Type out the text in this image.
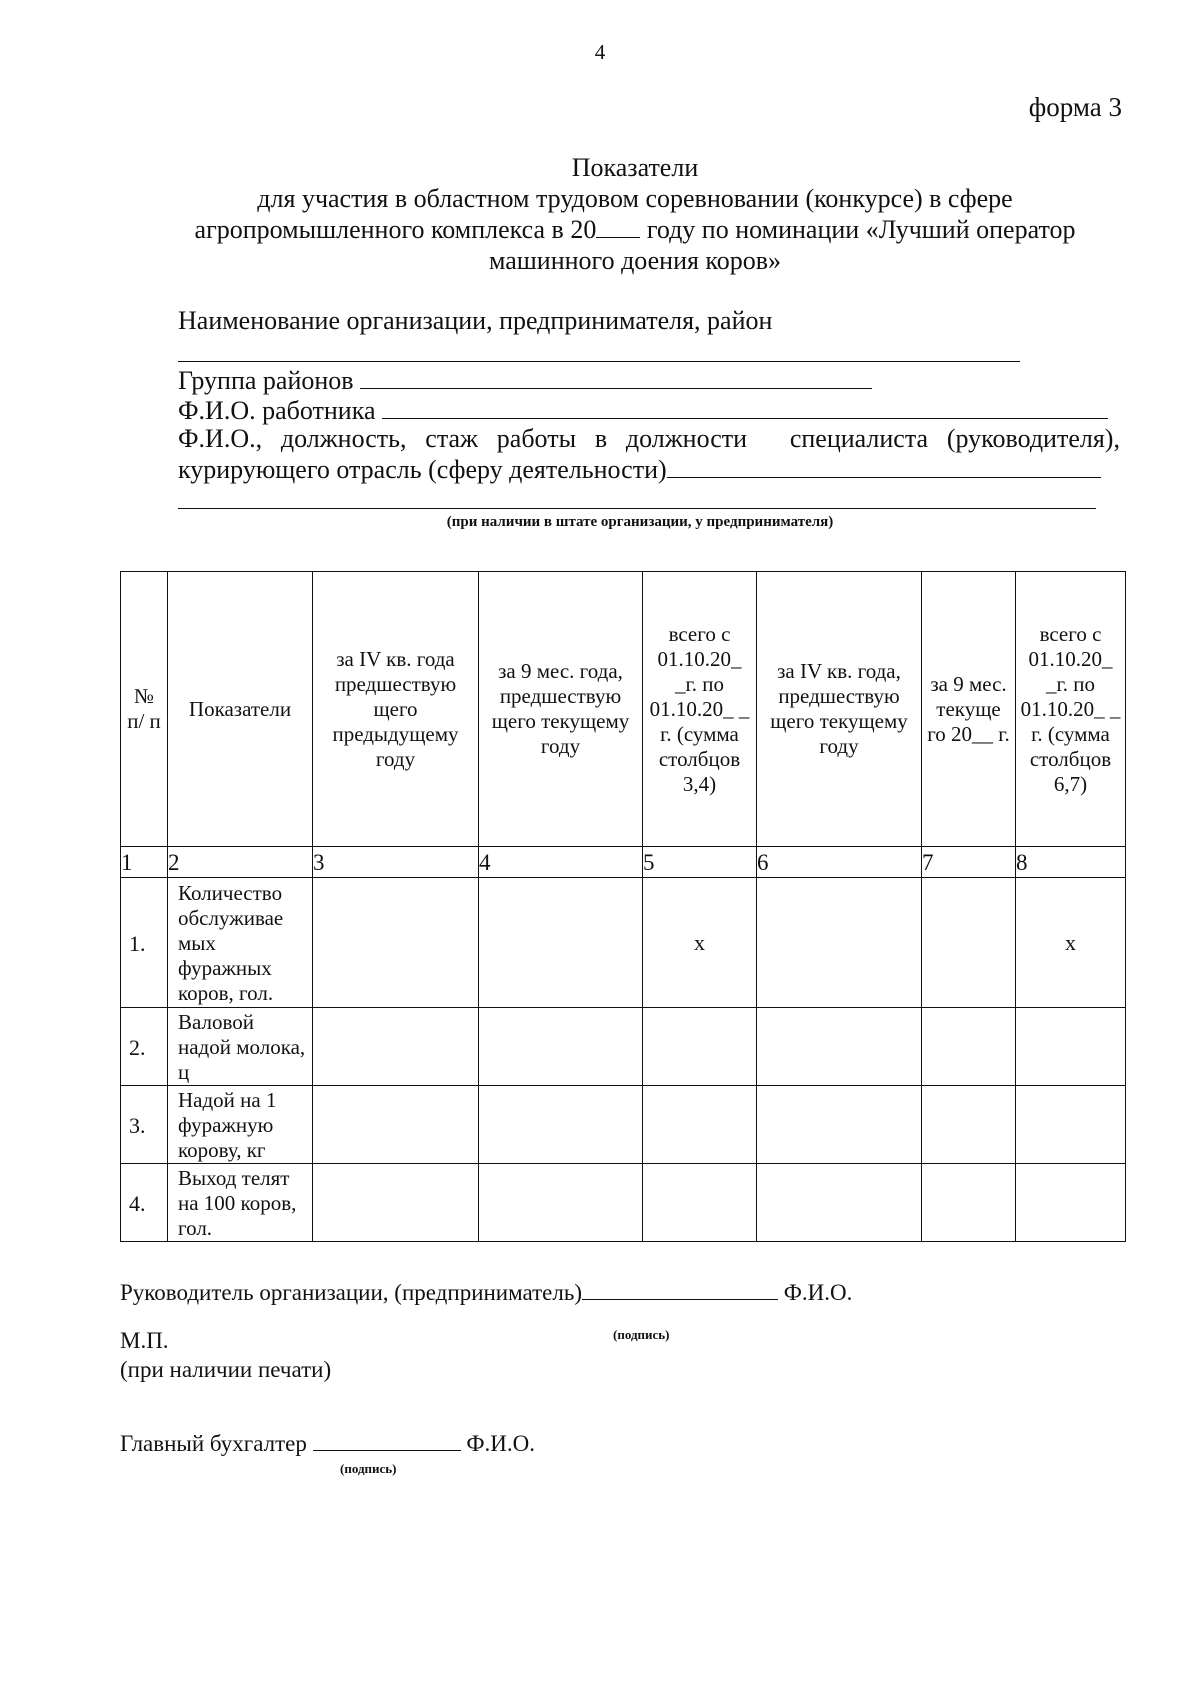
4
форма 3
Показатели
для участия в областном трудовом соревновании (конкурсе) в сфере
агропромышленного комплекса в 20 году по номинации «Лучший оператор
машинного доения коров»
Наименование организации, предпринимателя, район
Группа районов
Ф.И.О. работника
Ф.И.О., должность, стаж работы в должности специалиста (руководителя),
курирующего отрасль (сферу деятельности)
(при наличии в штате организации, у предпринимателя)
№ п/ п	Показатели	за IV кв. года предшествую щего предыдущему году	за 9 мес. года, предшествую щего текущему году	всего с 01.10.20_ _г. по 01.10.20_ _ г. (сумма столбцов 3,4)	за IV кв. года, предшествую щего текущему году	за 9 мес. текуще го 20__ г.	всего с 01.10.20_ _г. по 01.10.20_ _ г. (сумма столбцов 6,7)
1	2	3	4	5	6	7	8
1.	Количество обслуживае мых фуражных коров, гол.			х			х
2.	Валовой надой молока, ц						
3.	Надой на 1 фуражную корову, кг						
4.	Выход телят на 100 коров, гол.						
Руководитель организации, (предприниматель)	Ф.И.О.
(подпись)
М.П.
(при наличии печати)
Главный бухгалтер	Ф.И.О.
(подпись)
